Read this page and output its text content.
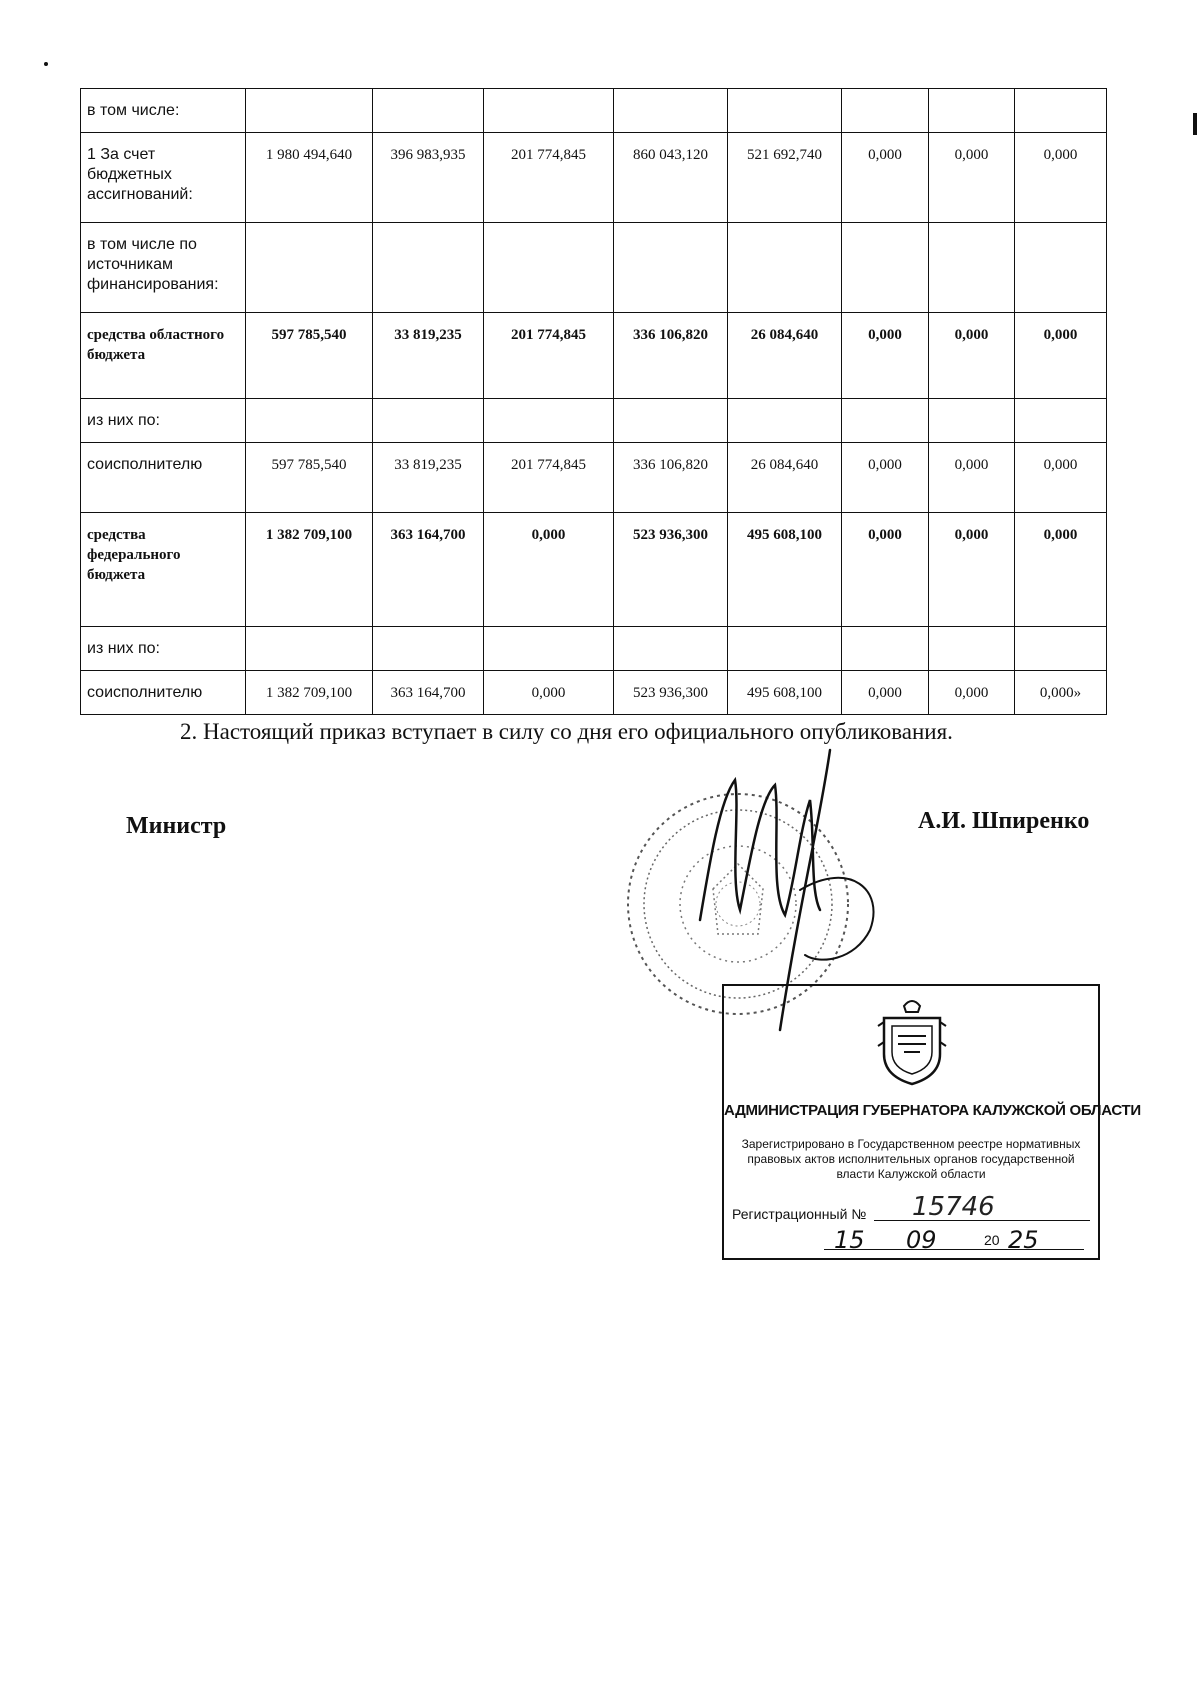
в том числе:								
1 За счет бюджетных ассигнований:	1 980 494,640	396 983,935	201 774,845	860 043,120	521 692,740	0,000	0,000	0,000
в том числе по источникам финансирования:								
средства областного бюджета	597 785,540	33 819,235	201 774,845	336 106,820	26 084,640	0,000	0,000	0,000
из них по:								
соисполнителю	597 785,540	33 819,235	201 774,845	336 106,820	26 084,640	0,000	0,000	0,000
средства федерального бюджета	1 382 709,100	363 164,700	0,000	523 936,300	495 608,100	0,000	0,000	0,000
из них по:								
соисполнителю	1 382 709,100	363 164,700	0,000	523 936,300	495 608,100	0,000	0,000	0,000»
2. Настоящий приказ вступает в силу со дня его официального опубликования.
АДМИНИСТРАЦИЯ ГУБЕРНАТОРА КАЛУЖСКОЙ ОБЛАСТИ
Зарегистрировано в Государственном реестре нормативных правовых актов исполнительных органов государственной власти Калужской области
Регистрационный № 15746
15 09	20 25
Министр	А.И. Шпиренко
